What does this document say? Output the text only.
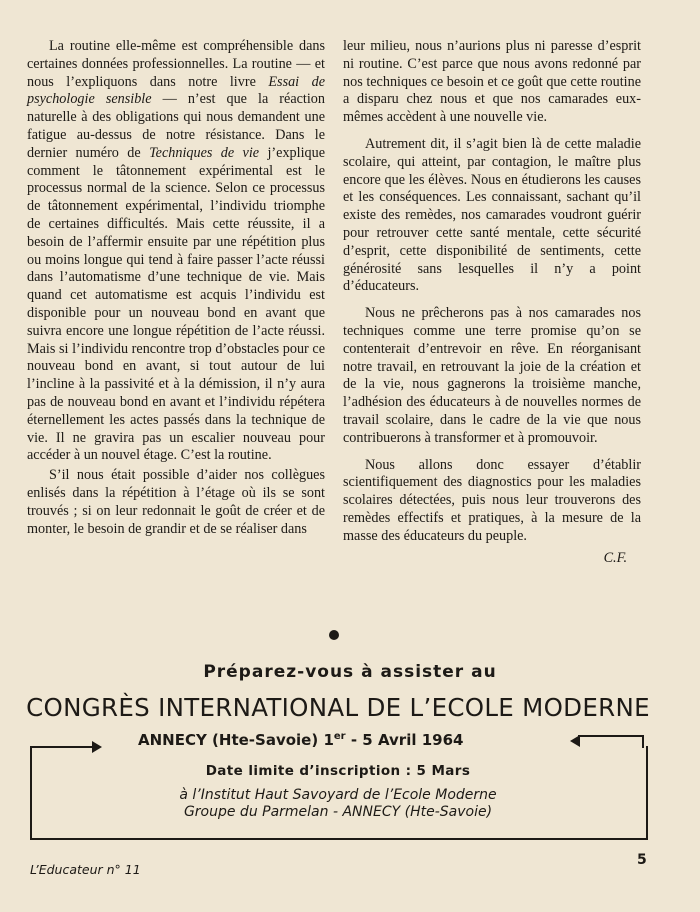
La routine elle-même est compréhensible dans certaines données professionnelles. La routine — et nous l’expliquons dans notre livre Essai de psychologie sensible — n’est que la réaction naturelle à des obligations qui nous demandent une fatigue au-dessus de notre résistance. Dans le dernier numéro de Techniques de vie j’explique comment le tâtonnement expérimental est le processus normal de la science. Selon ce processus de tâtonnement expérimental, l’individu triomphe de certaines difficultés. Mais cette réussite, il a besoin de l’affermir ensuite par une répétition plus ou moins longue qui tend à faire passer l’acte réussi dans l’automatisme d’une technique de vie. Mais quand cet automatisme est acquis l’individu est disponible pour un nouveau bond en avant que suivra encore une longue répétition de l’acte réussi. Mais si l’individu rencontre trop d’obstacles pour ce nouveau bond en avant, si tout autour de lui l’incline à la passivité et à la démission, il n’y aura pas de nouveau bond en avant et l’individu répétera éternellement les actes passés dans la technique de vie. Il ne gravira pas un escalier nouveau pour accéder à un nouvel étage. C’est la routine.

S’il nous était possible d’aider nos collègues enlisés dans la répétition à l’étage où ils se sont trouvés ; si on leur redonnait le goût de créer et de monter, le besoin de grandir et de se réaliser dans

leur milieu, nous n’aurions plus ni paresse d’esprit ni routine. C’est parce que nous avons redonné par nos techniques ce besoin et ce goût que cette routine a disparu chez nous et que nos camarades eux-mêmes accèdent à une nouvelle vie.

Autrement dit, il s’agit bien là de cette maladie scolaire, qui atteint, par contagion, le maître plus encore que les élèves. Nous en étudierons les causes et les conséquences. Les connaissant, sachant qu’il existe des remèdes, nos camarades voudront guérir pour retrouver cette santé mentale, cette sécurité d’esprit, cette disponibilité de sentiments, cette générosité sans lesquelles il n’y a point d’éducateurs.

Nous ne prêcherons pas à nos camarades nos techniques comme une terre promise qu’on se contenterait d’entrevoir en rêve. En réorganisant notre travail, en retrouvant la joie de la création et de la vie, nous gagnerons la troisième manche, l’adhésion des éducateurs à de nouvelles normes de travail scolaire, dans le cadre de la vie que nous contribuerons à transformer et à promouvoir.

Nous allons donc essayer d’établir scientifiquement des diagnostics pour les maladies scolaires détectées, puis nous leur trouverons des remèdes effectifs et pratiques, à la mesure de la masse des éducateurs du peuple.

C.F.
Préparez-vous à assister au
CONGRÈS INTERNATIONAL DE L’ECOLE MODERNE
ANNECY (Hte-Savoie) 1er - 5 Avril 1964
Date limite d’inscription : 5 Mars
à l’Institut Haut Savoyard de l’Ecole Moderne
Groupe du Parmelan - ANNECY (Hte-Savoie)
L’Educateur n° 11
5
